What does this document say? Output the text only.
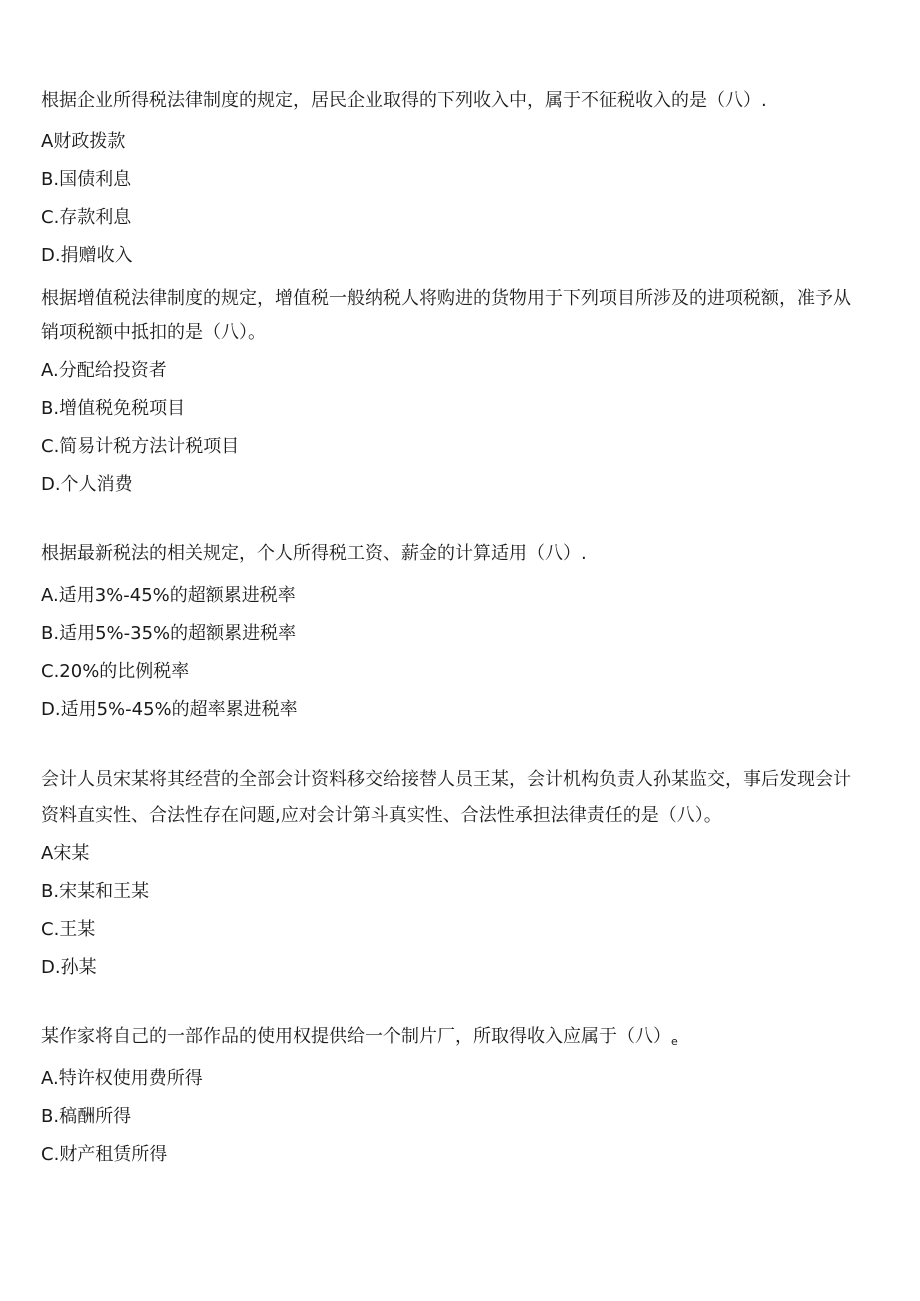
根据企业所得税法律制度的规定，居民企业取得的下列收入中，属于不征税收入的是（八）.
A财政拨款
B.国债利息
C.存款利息
D.捐赠收入
根据增值税法律制度的规定，增值税一般纳税人将购进的货物用于下列项目所涉及的进项税额，准予从
销项税额中抵扣的是（八）。
A.分配给投资者
B.增值税免税项目
C.简易计税方法计税项目
D.个人消费
根据最新税法的相关规定，个人所得税工资、薪金的计算适用（八）.
A.适用3%-45%的超额累进税率
B.适用5%-35%的超额累进税率
C.20%的比例税率
D.适用5%-45%的超率累进税率
会计人员宋某将其经营的全部会计资料移交给接替人员王某，会计机构负责人孙某监交，事后发现会计
资料直实性、合法性存在问题,应对会计第斗真实性、合法性承担法律责任的是（八）。
A宋某
B.宋某和王某
C.王某
D.孙某
某作家将自己的一部作品的使用权提供给一个制片厂，所取得收入应属于（八）e
A.特许权使用费所得
B.稿酬所得
C.财产租赁所得
